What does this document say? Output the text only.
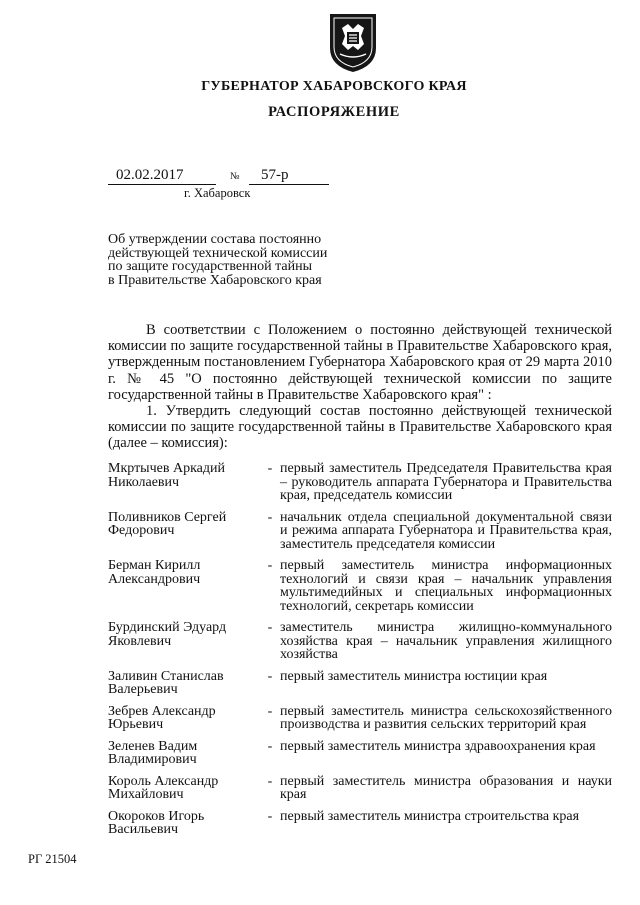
ГУБЕРНАТОР ХАБАРОВСКОГО КРАЯ
РАСПОРЯЖЕНИЕ
02.02.2017	№	57-р
г. Хабаровск
Об утверждении состава постоянно
действующей технической комиссии
по защите государственной тайны
в Правительстве Хабаровского края

В соответствии с Положением о постоянно действующей технической комиссии по защите государственной тайны в Правительстве Хабаровского края, утвержденным постановлением Губернатора Хабаровского края от 29 марта 2010 г. № 45 "О постоянно действующей технической комиссии по защите государственной тайны в Правительстве Хабаровского края" :

1. Утвердить следующий состав постоянно действующей технической комиссии по защите государственной тайны в Правительстве Хабаровского края (далее – комиссия):

Мкртычев Аркадий
Николаевич
- первый заместитель Председателя Правительства края – руководитель аппарата Губернатора и Правительства края, председатель комиссии
Поливников Сергей
Федорович
- начальник отдела специальной документальной связи и режима аппарата Губернатора и Правительства края, заместитель председателя комиссии
Берман Кирилл
Александрович
- первый заместитель министра информационных технологий и связи края – начальник управления мультимедийных и специальных информационных технологий, секретарь комиссии
Бурдинский Эдуард
Яковлевич
- заместитель министра жилищно-коммунального хозяйства края – начальник управления жилищного хозяйства
Заливин Станислав
Валерьевич
- первый заместитель министра юстиции края
Зебрев Александр
Юрьевич
- первый заместитель министра сельскохозяйственного производства и развития сельских территорий края
Зеленев Вадим
Владимирович
- первый заместитель министра здравоохранения края
Король Александр
Михайлович
- первый заместитель министра образования и науки края
Окороков Игорь
Васильевич
- первый заместитель министра строительства края
РГ 21504
